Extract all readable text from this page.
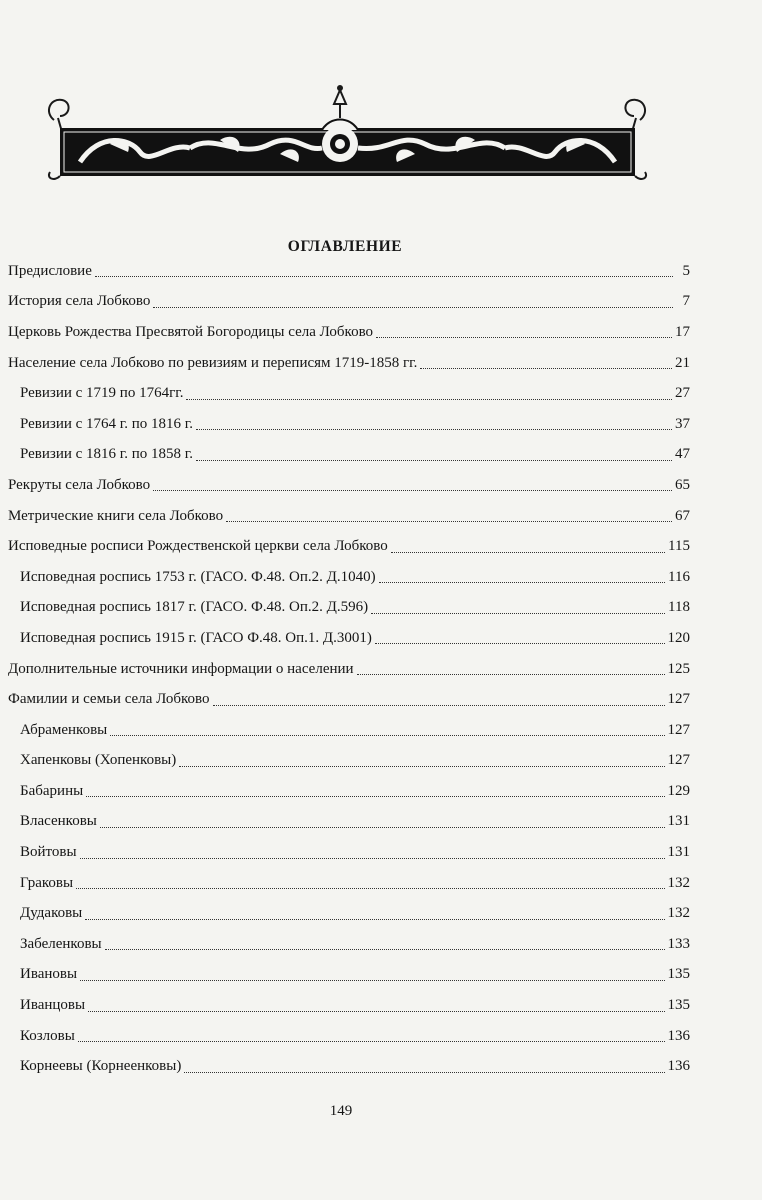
ОГЛАВЛЕНИЕ
Предисловие	5
История села Лобково	7
Церковь Рождества Пресвятой Богородицы села Лобково	17
Население села Лобково по ревизиям и переписям 1719-1858 гг.	21
Ревизии с 1719 по 1764гг.	27
Ревизии с 1764 г. по 1816 г.	37
Ревизии с 1816 г. по 1858 г.	47
Рекруты села Лобково	65
Метрические книги села Лобково	67
Исповедные росписи Рождественской церкви села Лобково	115
Исповедная роспись 1753 г. (ГАСО. Ф.48. Оп.2. Д.1040)	116
Исповедная роспись 1817 г. (ГАСО. Ф.48. Оп.2. Д.596)	118
Исповедная роспись 1915 г. (ГАСО Ф.48. Оп.1. Д.3001)	120
Дополнительные источники информации о населении	125
Фамилии и семьи села Лобково	127
Абраменковы	127
Хапенковы (Хопенковы)	127
Бабарины	129
Власенковы	131
Войтовы	131
Граковы	132
Дудаковы	132
Забеленковы	133
Ивановы	135
Иванцовы	135
Козловы	136
Корнеевы (Корнеенковы)	136
149
